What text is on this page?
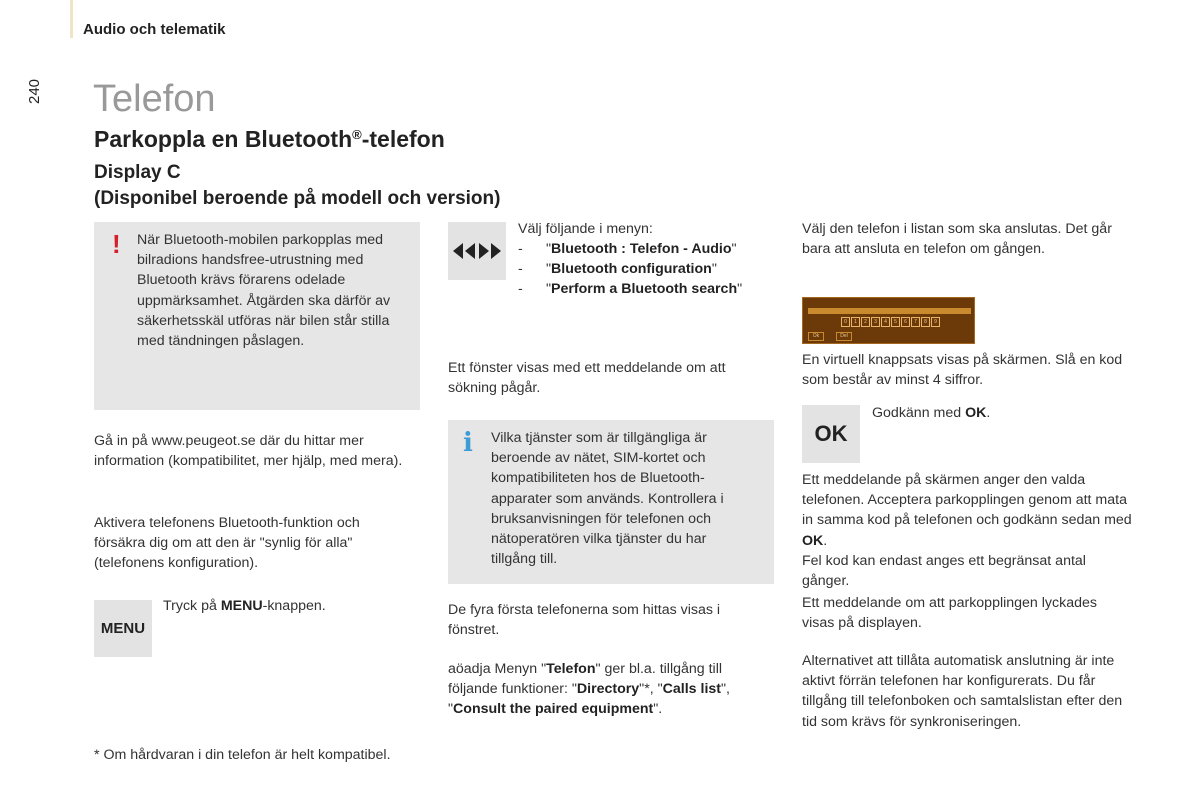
Audio och telematik
240 Telefon
Parkoppla en Bluetooth®-telefon
Display C
(Disponibel beroende på modell och version)
! När Bluetooth-mobilen parkopplas med bilradions handsfree-utrustning med Bluetooth krävs förarens odelade uppmärksamhet. Åtgärden ska därför av säkerhetsskäl utföras när bilen står stilla med tändningen påslagen.
Gå in på www.peugeot.se där du hittar mer information (kompatibilitet, mer hjälp, med mera).
Aktivera telefonens Bluetooth-funktion och försäkra dig om att den är "synlig för alla" (telefonens konfiguration).
MENU
Tryck på MENU-knappen.
* Om hårdvaran i din telefon är helt kompatibel.
Välj följande i menyn:
- "Bluetooth : Telefon - Audio"
- "Bluetooth configuration"
- "Perform a Bluetooth search"
Ett fönster visas med ett meddelande om att sökning pågår.
i Vilka tjänster som är tillgängliga är beroende av nätet, SIM-kortet och kompatibiliteten hos de Bluetooth-apparater som används. Kontrollera i bruksanvisningen för telefonen och nätoperatören vilka tjänster du har tillgång till.
De fyra första telefonerna som hittas visas i fönstret.
aöadja Menyn "Telefon" ger bl.a. tillgång till följande funktioner: "Directory"*, "Calls list", "Consult the paired equipment".
Välj den telefon i listan som ska anslutas. Det går bara att ansluta en telefon om gången.
0	1	2	3	4	5	6	7	8	9
Ok	Del
En virtuell knappsats visas på skärmen. Slå en kod som består av minst 4 siffror.
OK
Godkänn med OK.
Ett meddelande på skärmen anger den valda telefonen. Acceptera parkopplingen genom att mata in samma kod på telefonen och godkänn sedan med OK.
Fel kod kan endast anges ett begränsat antal gånger.
Ett meddelande om att parkopplingen lyckades visas på displayen.
Alternativet att tillåta automatisk anslutning är inte aktivt förrän telefonen har konfigurerats. Du får tillgång till telefonboken och samtalslistan efter den tid som krävs för synkroniseringen.
